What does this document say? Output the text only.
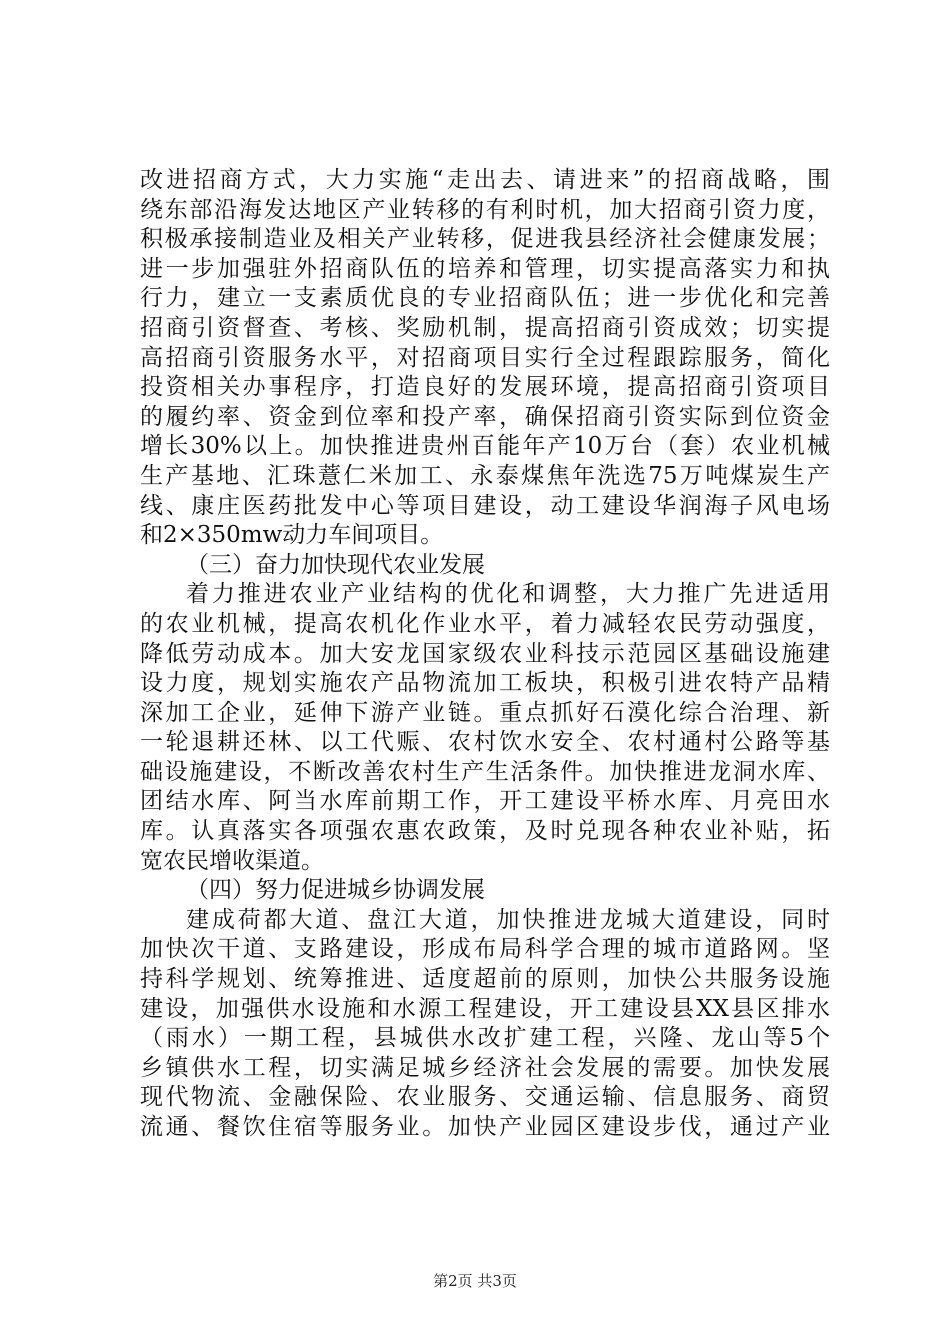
改进招商方式，大力实施“走出去、请进来”的招商战略，围
绕东部沿海发达地区产业转移的有利时机，加大招商引资力度，
积极承接制造业及相关产业转移，促进我县经济社会健康发展；
进一步加强驻外招商队伍的培养和管理，切实提高落实力和执
行力，建立一支素质优良的专业招商队伍；进一步优化和完善
招商引资督查、考核、奖励机制，提高招商引资成效；切实提
高招商引资服务水平，对招商项目实行全过程跟踪服务，简化
投资相关办事程序，打造良好的发展环境，提高招商引资项目
的履约率、资金到位率和投产率，确保招商引资实际到位资金
增长30%以上。加快推进贵州百能年产10万台（套）农业机械
生产基地、汇珠薏仁米加工、永泰煤焦年洗选75万吨煤炭生产
线、康庄医药批发中心等项目建设，动工建设华润海子风电场
和2×350mw动力车间项目。
（三）奋力加快现代农业发展
着力推进农业产业结构的优化和调整，大力推广先进适用
的农业机械，提高农机化作业水平，着力减轻农民劳动强度，
降低劳动成本。加大安龙国家级农业科技示范园区基础设施建
设力度，规划实施农产品物流加工板块，积极引进农特产品精
深加工企业，延伸下游产业链。重点抓好石漠化综合治理、新
一轮退耕还林、以工代赈、农村饮水安全、农村通村公路等基
础设施建设，不断改善农村生产生活条件。加快推进龙洞水库、
团结水库、阿当水库前期工作，开工建设平桥水库、月亮田水
库。认真落实各项强农惠农政策，及时兑现各种农业补贴，拓
宽农民增收渠道。
（四）努力促进城乡协调发展
建成荷都大道、盘江大道，加快推进龙城大道建设，同时
加快次干道、支路建设，形成布局科学合理的城市道路网。坚
持科学规划、统筹推进、适度超前的原则，加快公共服务设施
建设，加强供水设施和水源工程建设，开工建设县XX县区排水
（雨水）一期工程，县城供水改扩建工程，兴隆、龙山等5个
乡镇供水工程，切实满足城乡经济社会发展的需要。加快发展
现代物流、金融保险、农业服务、交通运输、信息服务、商贸
流通、餐饮住宿等服务业。加快产业园区建设步伐，通过产业
第2页 共3页
